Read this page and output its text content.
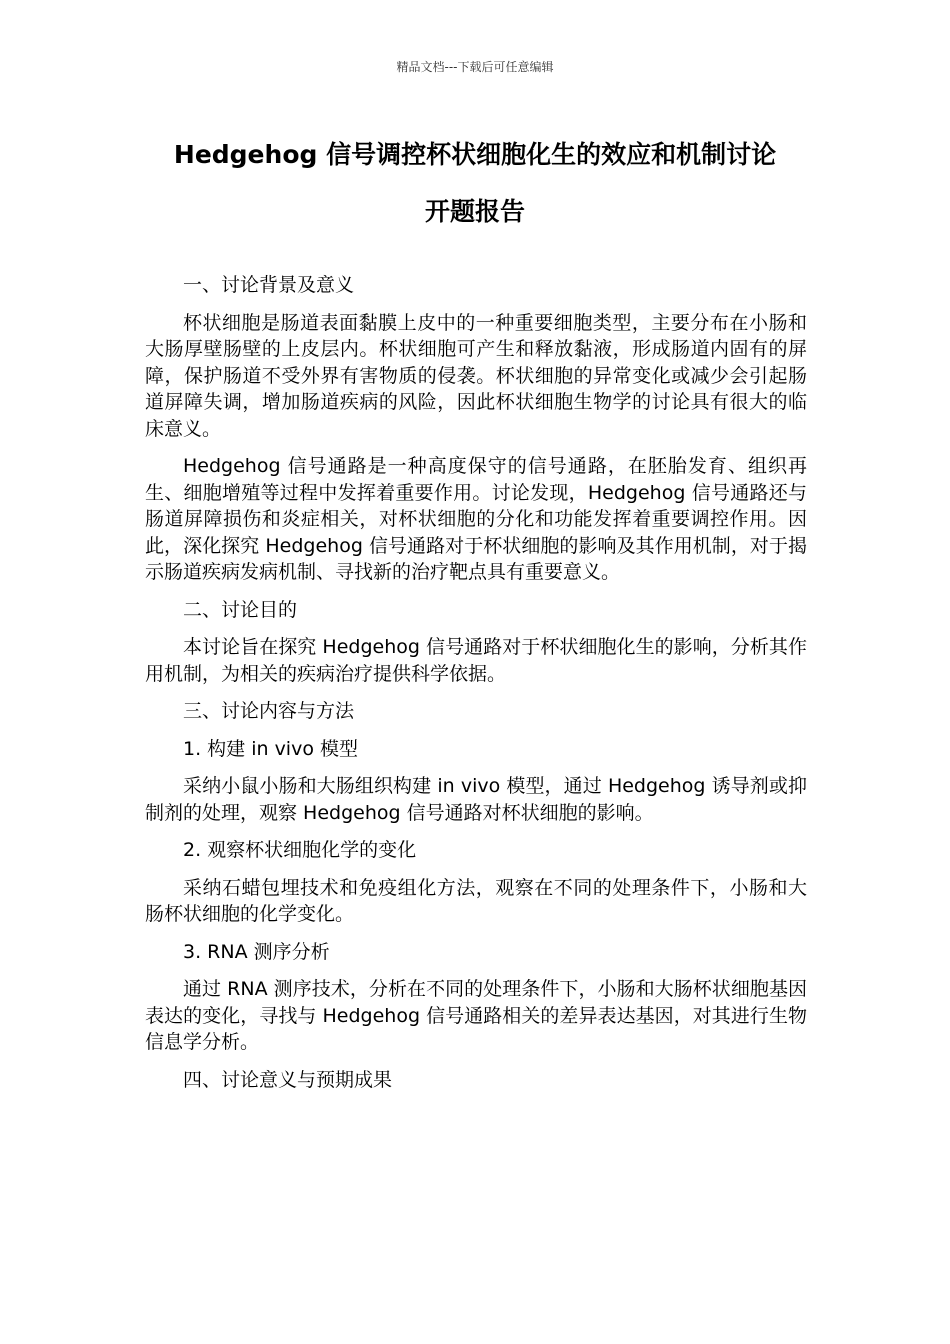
精品文档---下载后可任意编辑
Hedgehog 信号调控杯状细胞化生的效应和机制讨论
开题报告

一、讨论背景及意义

杯状细胞是肠道表面黏膜上皮中的一种重要细胞类型，主要分布在小肠和大肠厚壁肠壁的上皮层内。杯状细胞可产生和释放黏液，形成肠道内固有的屏障，保护肠道不受外界有害物质的侵袭。杯状细胞的异常变化或减少会引起肠道屏障失调，增加肠道疾病的风险，因此杯状细胞生物学的讨论具有很大的临床意义。

Hedgehog 信号通路是一种高度保守的信号通路，在胚胎发育、组织再生、细胞增殖等过程中发挥着重要作用。讨论发现，Hedgehog 信号通路还与肠道屏障损伤和炎症相关，对杯状细胞的分化和功能发挥着重要调控作用。因此，深化探究 Hedgehog 信号通路对于杯状细胞的影响及其作用机制，对于揭示肠道疾病发病机制、寻找新的治疗靶点具有重要意义。

二、讨论目的

本讨论旨在探究 Hedgehog 信号通路对于杯状细胞化生的影响，分析其作用机制，为相关的疾病治疗提供科学依据。

三、讨论内容与方法

1. 构建 in vivo 模型

采纳小鼠小肠和大肠组织构建 in vivo 模型，通过 Hedgehog 诱导剂或抑制剂的处理，观察 Hedgehog 信号通路对杯状细胞的影响。

2. 观察杯状细胞化学的变化

采纳石蜡包埋技术和免疫组化方法，观察在不同的处理条件下，小肠和大肠杯状细胞的化学变化。

3. RNA 测序分析

通过 RNA 测序技术，分析在不同的处理条件下，小肠和大肠杯状细胞基因表达的变化，寻找与 Hedgehog 信号通路相关的差异表达基因，对其进行生物信息学分析。

四、讨论意义与预期成果
